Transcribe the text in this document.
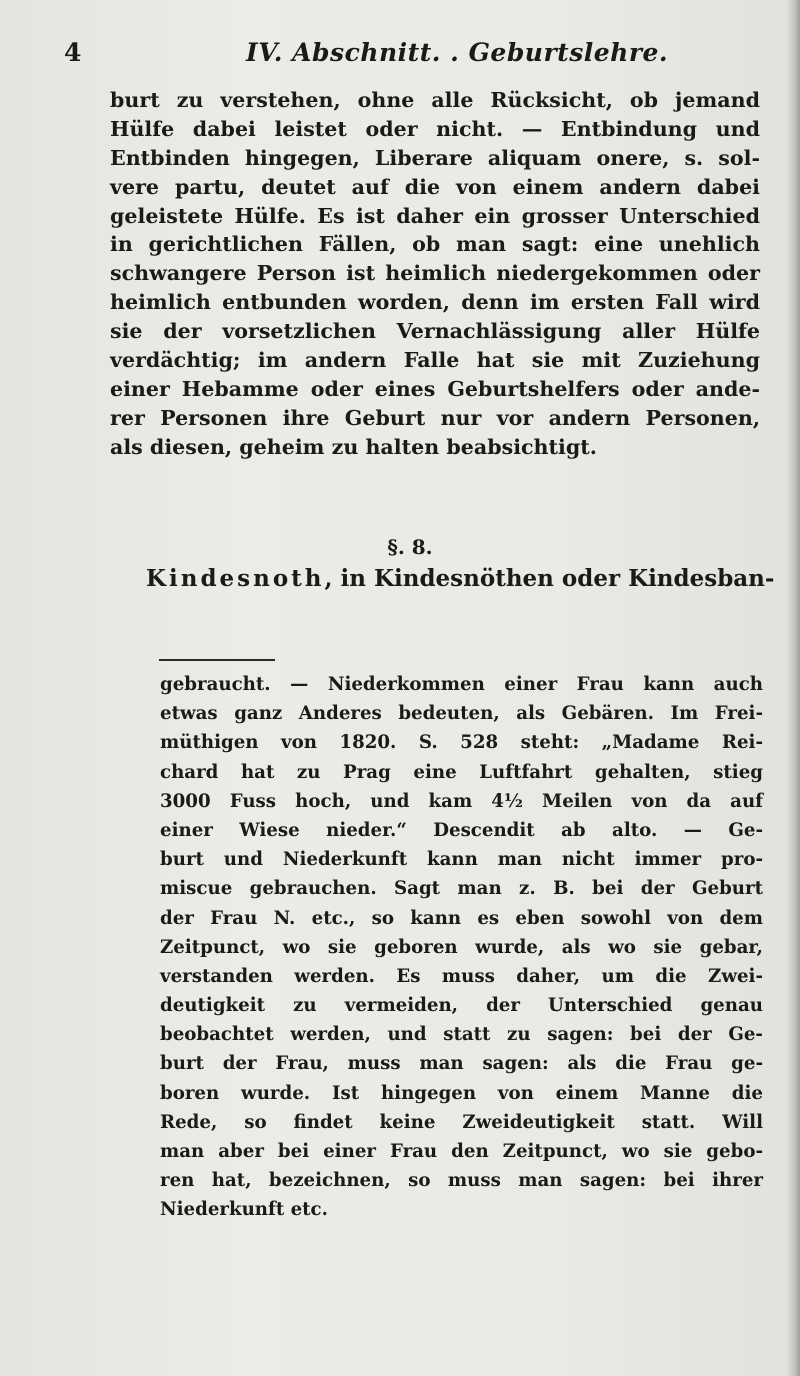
4	IV. Abschnitt. . Geburtslehre.
burt zu verstehen, ohne alle Rücksicht, ob jemand
Hülfe dabei leistet oder nicht. — Entbindung und
Entbinden hingegen, Liberare aliquam onere, s. sol-
vere partu, deutet auf die von einem andern dabei
geleistete Hülfe. Es ist daher ein grosser Unterschied
in gerichtlichen Fällen, ob man sagt: eine unehlich
schwangere Person ist heimlich niedergekommen oder
heimlich entbunden worden, denn im ersten Fall wird
sie der vorsetzlichen Vernachlässigung aller Hülfe
verdächtig; im andern Falle hat sie mit Zuziehung
einer Hebamme oder eines Geburtshelfers oder ande-
rer Personen ihre Geburt nur vor andern Personen,
als diesen, geheim zu halten beabsichtigt.
§. 8.
Kindesnoth, in Kindesnöthen oder Kindesban-
gebraucht. — Niederkommen einer Frau kann auch
etwas ganz Anderes bedeuten, als Gebären. Im Frei-
müthigen von 1820. S. 528 steht: „Madame Rei-
chard hat zu Prag eine Luftfahrt gehalten, stieg
3000 Fuss hoch, und kam 4½ Meilen von da auf
einer Wiese nieder.“ Descendit ab alto. — Ge-
burt und Niederkunft kann man nicht immer pro-
miscue gebrauchen. Sagt man z. B. bei der Geburt
der Frau N. etc., so kann es eben sowohl von dem
Zeitpunct, wo sie geboren wurde, als wo sie gebar,
verstanden werden. Es muss daher, um die Zwei-
deutigkeit zu vermeiden, der Unterschied genau
beobachtet werden, und statt zu sagen: bei der Ge-
burt der Frau, muss man sagen: als die Frau ge-
boren wurde. Ist hingegen von einem Manne die
Rede, so findet keine Zweideutigkeit statt. Will
man aber bei einer Frau den Zeitpunct, wo sie gebo-
ren hat, bezeichnen, so muss man sagen: bei ihrer
Niederkunft etc.
